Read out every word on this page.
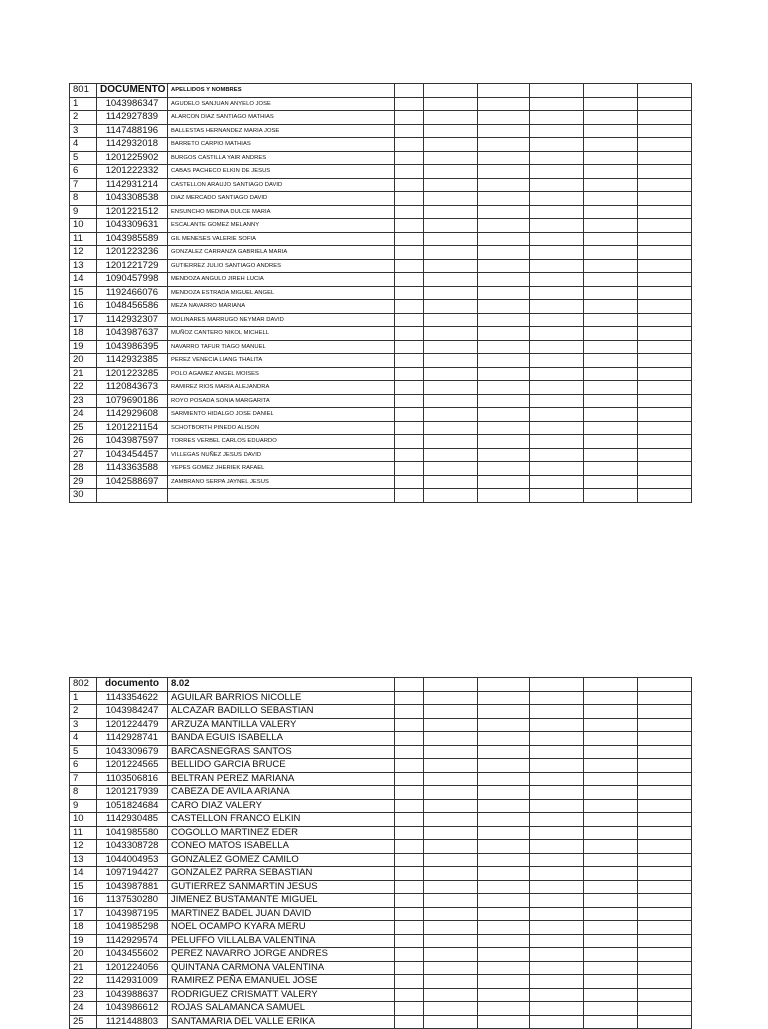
801	DOCUMENTO	APELLIDOS Y NOMBRES						
1	1043986347	AGUDELO SANJUAN ANYELO JOSE						
2	1142927839	ALARCON DIAZ SANTIAGO MATHIAS						
3	1147488196	BALLESTAS HERNANDEZ MARIA JOSE						
4	1142932018	BARRETO CARPIO MATHIAS						
5	1201225902	BURGOS CASTILLA YAIR ANDRES						
6	1201222332	CABAS PACHECO ELKIN DE JESUS						
7	1142931214	CASTELLON ARAUJO SANTIAGO DAVID						
8	1043308538	DIAZ MERCADO SANTIAGO DAVID						
9	1201221512	ENSUNCHO MEDINA DULCE MARIA						
10	1043309631	ESCALANTE GOMEZ MELANNY						
11	1043985589	GIL MENESES VALERIE SOFIA						
12	1201223236	GONZALEZ CARRANZA GABRIELA MARIA						
13	1201221729	GUTIERREZ JULIO SANTIAGO ANDRES						
14	1090457998	MENDOZA ANGULO JIREH LUCIA						
15	1192466076	MENDOZA ESTRADA MIGUEL ANGEL						
16	1048456586	MEZA NAVARRO MARIANA						
17	1142932307	MOLINARES MARRUGO NEYMAR DAVID						
18	1043987637	MUÑOZ CANTERO NIKOL MICHELL						
19	1043986395	NAVARRO TAFUR TIAGO MANUEL						
20	1142932385	PEREZ VENECIA LIANG THALITA						
21	1201223285	POLO AGAMEZ ANGEL MOISES						
22	1120843673	RAMIREZ RIOS MARIA ALEJANDRA						
23	1079690186	ROYO POSADA SONIA MARGARITA						
24	1142929608	SARMIENTO HIDALGO JOSE DANIEL						
25	1201221154	SCHOTBORTH PINEDO ALISON						
26	1043987597	TORRES VERBEL CARLOS EDUARDO						
27	1043454457	VILLEGAS NUÑEZ JESUS DAVID						
28	1143363588	YEPES GOMEZ JHERIEK RAFAEL						
29	1042588697	ZAMBRANO SERPA JAYNEL JESUS						
30								
802	documento	8.02						
1	1143354622	AGUILAR BARRIOS NICOLLE						
2	1043984247	ALCAZAR BADILLO SEBASTIAN						
3	1201224479	ARZUZA MANTILLA VALERY						
4	1142928741	BANDA EGUIS ISABELLA						
5	1043309679	BARCASNEGRAS SANTOS						
6	1201224565	BELLIDO GARCIA BRUCE						
7	1103506816	BELTRAN PEREZ MARIANA						
8	1201217939	CABEZA DE AVILA ARIANA						
9	1051824684	CARO DIAZ VALERY						
10	1142930485	CASTELLON FRANCO ELKIN						
11	1041985580	COGOLLO MARTINEZ EDER						
12	1043308728	CONEO MATOS ISABELLA						
13	1044004953	GONZALEZ GOMEZ CAMILO						
14	1097194427	GONZALEZ PARRA SEBASTIAN						
15	1043987881	GUTIERREZ SANMARTIN JESUS						
16	1137530280	JIMENEZ BUSTAMANTE MIGUEL						
17	1043987195	MARTINEZ BADEL JUAN DAVID						
18	1041985298	NOEL OCAMPO KYARA MERU						
19	1142929574	PELUFFO VILLALBA VALENTINA						
20	1043455602	PEREZ NAVARRO JORGE ANDRES						
21	1201224056	QUINTANA CARMONA VALENTINA						
22	1142931009	RAMIREZ PEÑA EMANUEL JOSE						
23	1043988637	RODRIGUEZ CRISMATT VALERY						
24	1043986612	ROJAS SALAMANCA SAMUEL						
25	1121448803	SANTAMARIA DEL VALLE ERIKA						
